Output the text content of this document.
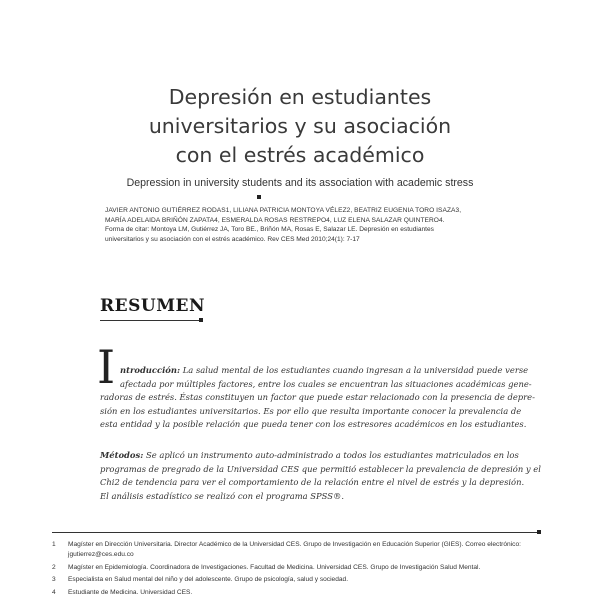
Depresión en estudiantes
universitarios y su asociación
con el estrés académico
Depression in university students and its association with academic stress
JAVIER ANTONIO GUTIÉRREZ RODAS1, LILIANA PATRICIA MONTOYA VÉLEZ2, BEATRIZ EUGENIA TORO ISAZA3,
MARÍA ADELAIDA BRIÑÓN ZAPATA4, ESMERALDA ROSAS RESTREPO4, LUZ ELENA SALAZAR QUINTERO4.
Forma de citar: Montoya LM, Gutiérrez JA, Toro BE., Briñón MA, Rosas E, Salazar LE. Depresión en estudiantes
universitarios y su asociación con el estrés académico. Rev CES Med 2010;24(1): 7-17
RESUMEN
I ntroducción: La salud mental de los estudiantes cuando ingresan a la universidad puede verse
afectada por múltiples factores, entre los cuales se encuentran las situaciones académicas gene-
radoras de estrés. Éstas constituyen un factor que puede estar relacionado con la presencia de depre-
sión en los estudiantes universitarios. Es por ello que resulta importante conocer la prevalencia de
esta entidad y la posible relación que pueda tener con los estresores académicos en los estudiantes.

Métodos: Se aplicó un instrumento auto-administrado a todos los estudiantes matriculados en los
programas de pregrado de la Universidad CES que permitió establecer la prevalencia de depresión y el
Chi2 de tendencia para ver el comportamiento de la relación entre el nivel de estrés y la depresión.
El análisis estadístico se realizó con el programa SPSS®.

1	Magíster en Dirección Universitaria. Director Académico de la Universidad CES. Grupo de Investigación en Educación Superior (GIES). Correo electrónico: jgutierrez@ces.edu.co
2	Magíster en Epidemiología. Coordinadora de Investigaciones. Facultad de Medicina. Universidad CES. Grupo de Investigación Salud Mental.
3	Especialista en Salud mental del niño y del adolescente. Grupo de psicología, salud y sociedad.
4	Estudiante de Medicina. Universidad CES.
